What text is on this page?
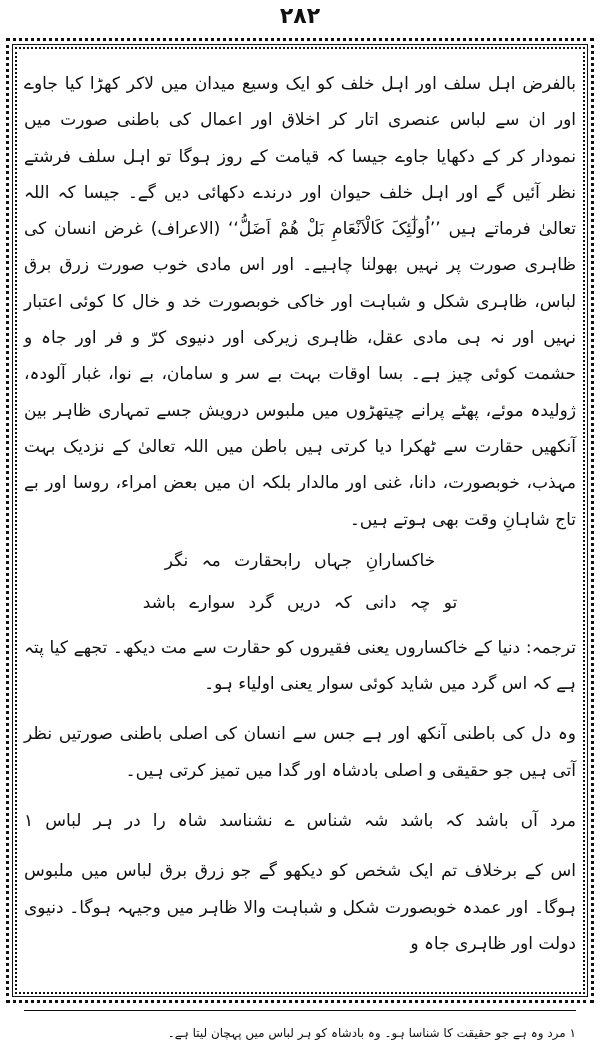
۲۸۲

بالفرض اہل سلف اور اہل خلف کو ایک وسیع میدان میں لاکر کھڑا کیا جاوے اور ان سے لباس عنصری اتار کر اخلاق اور اعمال کی باطنی صورت میں نمودار کر کے دکھایا جاوے جیسا کہ قیامت کے روز ہوگا تو اہل سلف فرشتے نظر آئیں گے اور اہل خلف حیوان اور درندے دکھائی دیں گے۔ جیسا کہ اللہ تعالیٰ فرماتے ہیں ’’اُولٰٓئِکَ کَالْاَنْعَامِ بَلْ ھُمْ اَضَلُّ‘‘ (الاعراف) غرض انسان کی ظاہری صورت پر نہیں بھولنا چاہیے۔ اور اس مادی خوب صورت زرق برق لباس، ظاہری شکل و شباہت اور خاکی خوبصورت خد و خال کا کوئی اعتبار نہیں اور نہ ہی مادی عقل، ظاہری زیرکی اور دنیوی کرّ و فر اور جاہ و حشمت کوئی چیز ہے۔ بسا اوقات بہت بے سر و سامان، بے نوا، غبار آلودہ، ژولیدہ موئے، پھٹے پرانے چیتھڑوں میں ملبوس درویش جسے تمہاری ظاہر بین آنکھیں حقارت سے ٹھکرا دیا کرتی ہیں باطن میں اللہ تعالیٰ کے نزدیک بہت مہذب، خوبصورت، دانا، غنی اور مالدار بلکہ ان میں بعض امراء، روسا اور بے تاج شاہانِ وقت بھی ہوتے ہیں۔

خاکسارانِ جہاں رابحقارت مہ نگر

تو چہ دانی کہ دریں گرد سوارے باشد

ترجمہ: دنیا کے خاکساروں یعنی فقیروں کو حقارت سے مت دیکھ۔ تجھے کیا پتہ ہے کہ اس گرد میں شاید کوئی سوار یعنی اولیاء ہو۔

وہ دل کی باطنی آنکھ اور ہے جس سے انسان کی اصلی باطنی صورتیں نظر آتی ہیں جو حقیقی و اصلی بادشاہ اور گدا میں تمیز کرتی ہیں۔

مرد آں باشد کہ باشد شہ شناس ے نشناسد شاہ را در ہر لباس ۱

اس کے برخلاف تم ایک شخص کو دیکھو گے جو زرق برق لباس میں ملبوس ہوگا۔ اور عمدہ خوبصورت شکل و شباہت والا ظاہر میں وجیہہ ہوگا۔ دنیوی دولت اور ظاہری جاہ و

۱ مرد وہ ہے جو حقیقت کا شناسا ہو۔ وہ بادشاہ کو ہر لباس میں پہچان لیتا ہے۔
